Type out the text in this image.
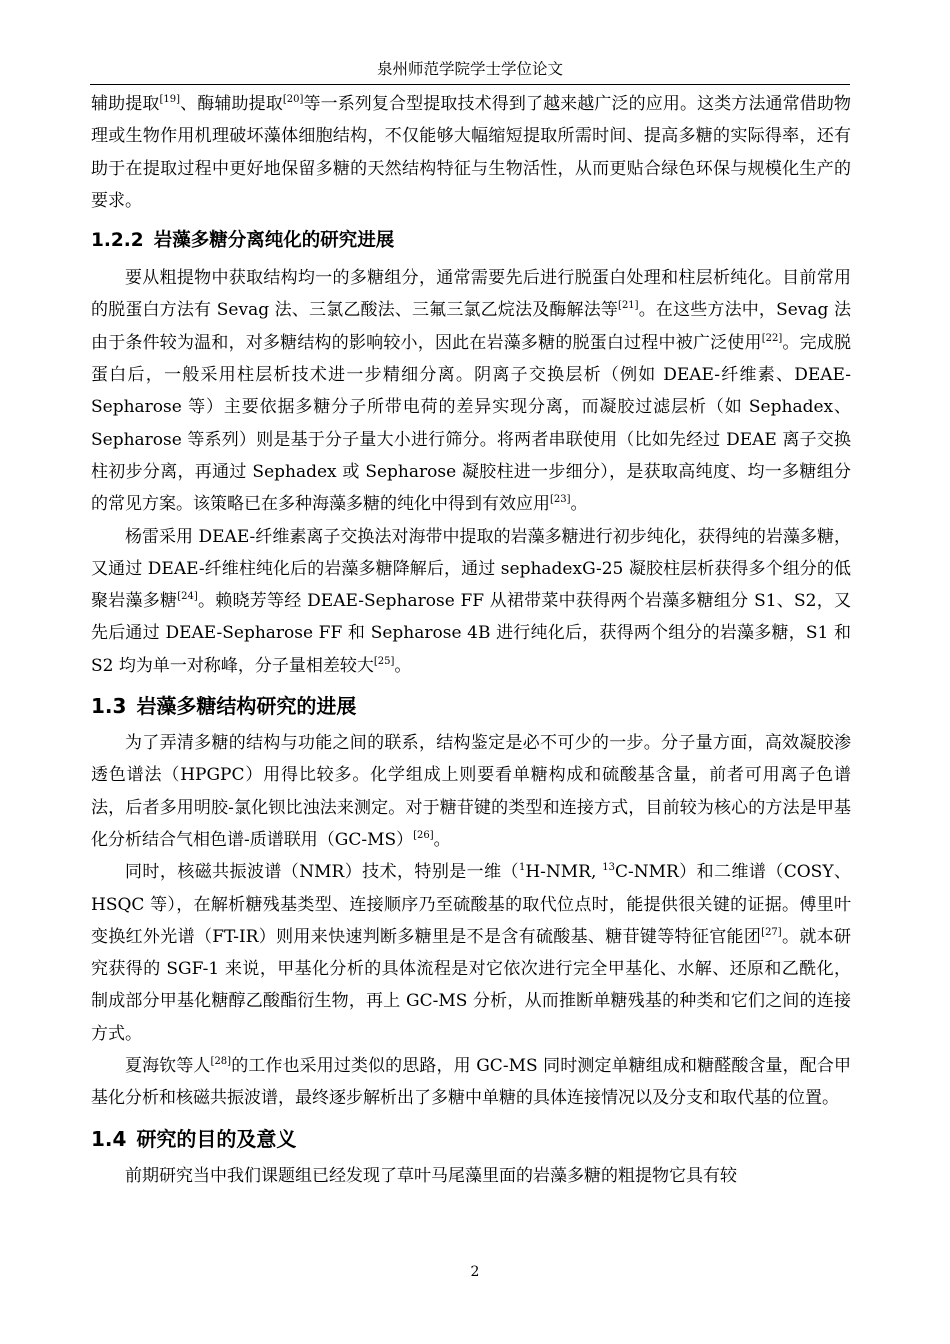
泉州师范学院学士学位论文

辅助提取[19]、酶辅助提取[20]等一系列复合型提取技术得到了越来越广泛的应用。这类方法通常借助物理或生物作用机理破坏藻体细胞结构，不仅能够大幅缩短提取所需时间、提高多糖的实际得率，还有助于在提取过程中更好地保留多糖的天然结构特征与生物活性，从而更贴合绿色环保与规模化生产的要求。

1.2.2 岩藻多糖分离纯化的研究进展

要从粗提物中获取结构均一的多糖组分，通常需要先后进行脱蛋白处理和柱层析纯化。目前常用的脱蛋白方法有 Sevag 法、三氯乙酸法、三氟三氯乙烷法及酶解法等[21]。在这些方法中，Sevag 法由于条件较为温和，对多糖结构的影响较小，因此在岩藻多糖的脱蛋白过程中被广泛使用[22]。完成脱蛋白后，一般采用柱层析技术进一步精细分离。阴离子交换层析（例如 DEAE-纤维素、DEAE-Sepharose 等）主要依据多糖分子所带电荷的差异实现分离，而凝胶过滤层析（如 Sephadex、Sepharose 等系列）则是基于分子量大小进行筛分。将两者串联使用（比如先经过 DEAE 离子交换柱初步分离，再通过 Sephadex 或 Sepharose 凝胶柱进一步细分），是获取高纯度、均一多糖组分的常见方案。该策略已在多种海藻多糖的纯化中得到有效应用[23]。

杨雷采用 DEAE-纤维素离子交换法对海带中提取的岩藻多糖进行初步纯化，获得纯的岩藻多糖，又通过 DEAE-纤维柱纯化后的岩藻多糖降解后，通过 sephadexG-25 凝胶柱层析获得多个组分的低聚岩藻多糖[24]。赖晓芳等经 DEAE-Sepharose FF 从裙带菜中获得两个岩藻多糖组分 S1、S2，又先后通过 DEAE-Sepharose FF 和 Sepharose 4B 进行纯化后，获得两个组分的岩藻多糖，S1 和 S2 均为单一对称峰，分子量相差较大[25]。

1.3 岩藻多糖结构研究的进展

为了弄清多糖的结构与功能之间的联系，结构鉴定是必不可少的一步。分子量方面，高效凝胶渗透色谱法（HPGPC）用得比较多。化学组成上则要看单糖构成和硫酸基含量，前者可用离子色谱法，后者多用明胶-氯化钡比浊法来测定。对于糖苷键的类型和连接方式，目前较为核心的方法是甲基化分析结合气相色谱-质谱联用（GC-MS）[26]。

同时，核磁共振波谱（NMR）技术，特别是一维（$^1$H-NMR, $^{13}$C-NMR）和二维谱（COSY、HSQC 等），在解析糖残基类型、连接顺序乃至硫酸基的取代位点时，能提供很关键的证据。傅里叶变换红外光谱（FT-IR）则用来快速判断多糖里是不是含有硫酸基、糖苷键等特征官能团[27]。就本研究获得的 SGF-1 来说，甲基化分析的具体流程是对它依次进行完全甲基化、水解、还原和乙酰化，制成部分甲基化糖醇乙酸酯衍生物，再上 GC-MS 分析，从而推断单糖残基的种类和它们之间的连接方式。

夏海钦等人[28]的工作也采用过类似的思路，用 GC-MS 同时测定单糖组成和糖醛酸含量，配合甲基化分析和核磁共振波谱，最终逐步解析出了多糖中单糖的具体连接情况以及分支和取代基的位置。

1.4 研究的目的及意义

前期研究当中我们课题组已经发现了草叶马尾藻里面的岩藻多糖的粗提物它具有较

2
